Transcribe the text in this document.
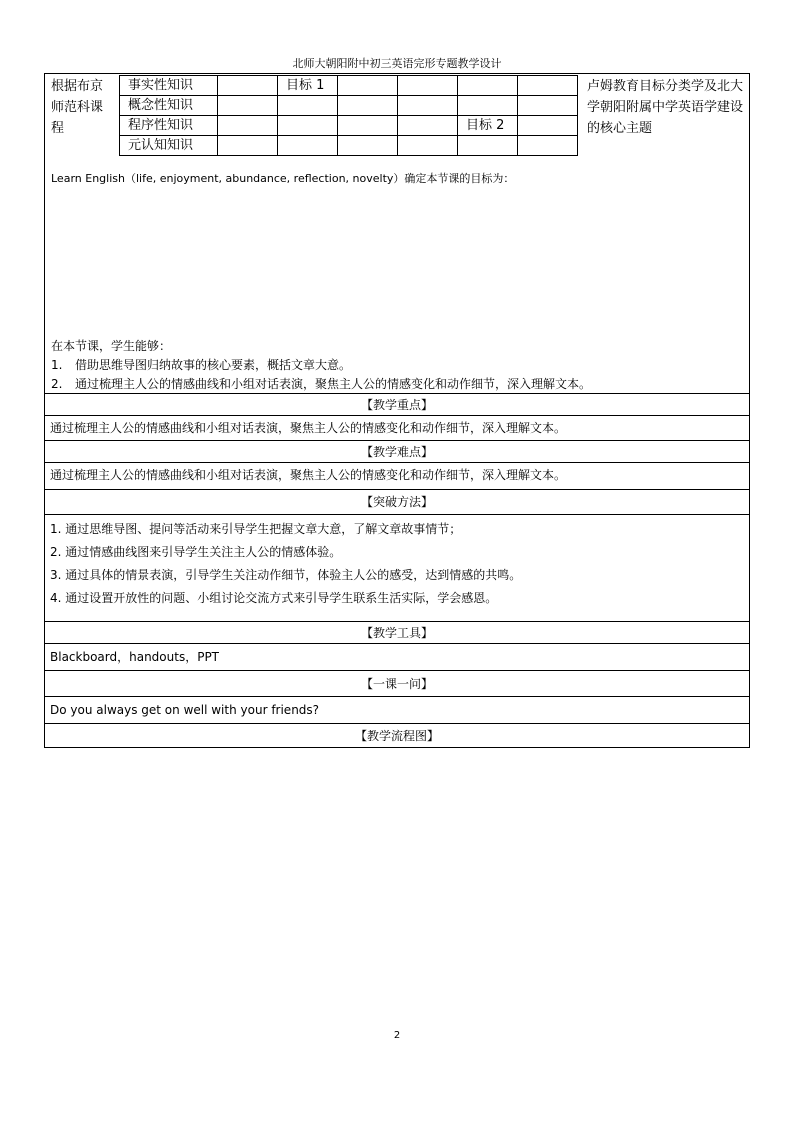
北师大朝阳附中初三英语完形专题教学设计
根据布京师范科课程
事实性知识		目标 1				
概念性知识						
程序性知识					目标 2	
元认知知识						
卢姆教育目标分类学及北大学朝阳附属中学英语学建设的核心主题
Learn English（life, enjoyment, abundance, reflection, novelty）确定本节课的目标为：
在本节课，学生能够：
1. 借助思维导图归纳故事的核心要素，概括文章大意。
2. 通过梳理主人公的情感曲线和小组对话表演，聚焦主人公的情感变化和动作细节，深入理解文本。
【教学重点】
通过梳理主人公的情感曲线和小组对话表演，聚焦主人公的情感变化和动作细节，深入理解文本。
【教学难点】
通过梳理主人公的情感曲线和小组对话表演，聚焦主人公的情感变化和动作细节，深入理解文本。
【突破方法】
1. 通过思维导图、提问等活动来引导学生把握文章大意，了解文章故事情节；
2. 通过情感曲线图来引导学生关注主人公的情感体验。
3. 通过具体的情景表演，引导学生关注动作细节，体验主人公的感受，达到情感的共鸣。
4. 通过设置开放性的问题、小组讨论交流方式来引导学生联系生活实际，学会感恩。
【教学工具】
Blackboard，handouts，PPT
【一课一问】
Do you always get on well with your friends?
【教学流程图】
2
